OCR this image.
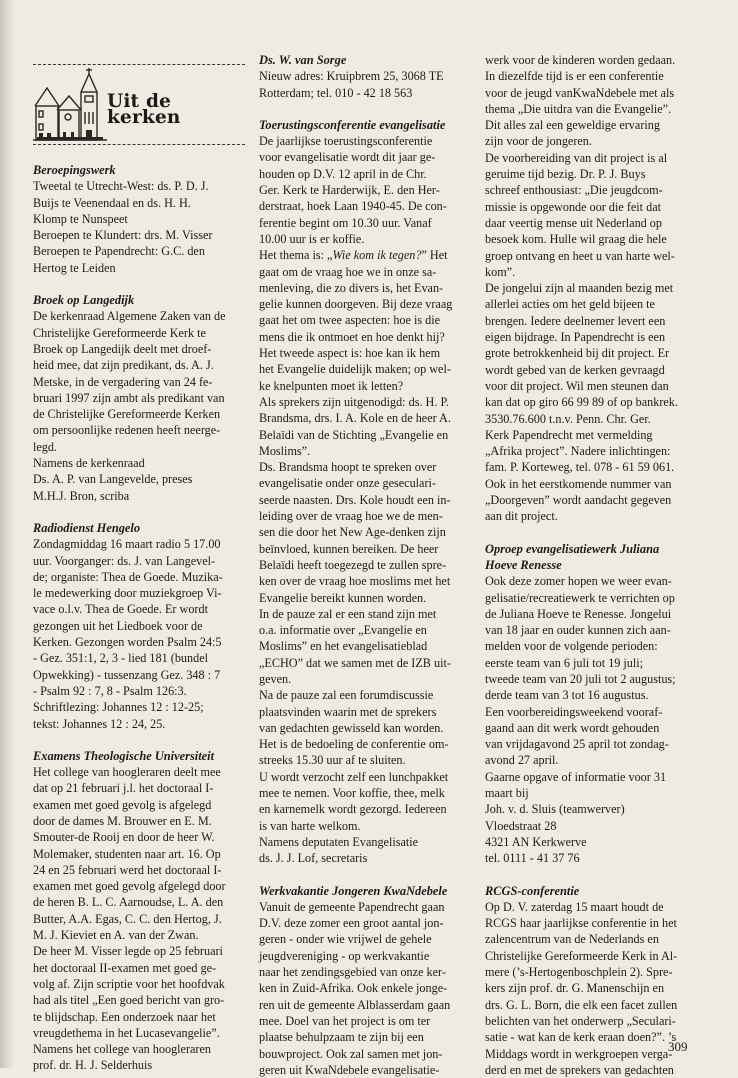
Uit de kerken
Beroepingswerk

Tweetal te Utrecht-West: ds. P. D. J.

Buijs te Veenendaal en ds. H. H.

Klomp te Nunspeet

Beroepen te Klundert: drs. M. Visser

Beroepen te Papendrecht: G.C. den

Hertog te Leiden

Broek op Langedijk

De kerkenraad Algemene Zaken van de

Christelijke Gereformeerde Kerk te

Broek op Langedijk deelt met droef-

heid mee, dat zijn predikant, ds. A. J.

Metske, in de vergadering van 24 fe-

bruari 1997 zijn ambt als predikant van

de Christelijke Gereformeerde Kerken

om persoonlijke redenen heeft neerge-

legd.

Namens de kerkenraad

Ds. A. P. van Langevelde, preses

M.H.J. Bron, scriba

Radiodienst Hengelo

Zondagmiddag 16 maart radio 5 17.00

uur. Voorganger: ds. J. van Langevel-

de; organiste: Thea de Goede. Muzika-

le medewerking door muziekgroep Vi-

vace o.l.v. Thea de Goede. Er wordt

gezongen uit het Liedboek voor de

Kerken. Gezongen worden Psalm 24:5

- Gez. 351:1, 2, 3 - lied 181 (bundel

Opwekking) - tussenzang Gez. 348 : 7

- Psalm 92 : 7, 8 - Psalm 126:3.

Schriftlezing: Johannes 12 : 12-25;

tekst: Johannes 12 : 24, 25.

Examens Theologische Universiteit

Het college van hoogleraren deelt mee

dat op 21 februari j.l. het doctoraal I-

examen met goed gevolg is afgelegd

door de dames M. Brouwer en E. M.

Smouter-de Rooij en door de heer W.

Molemaker, studenten naar art. 16. Op

24 en 25 februari werd het doctoraal I-

examen met goed gevolg afgelegd door

de heren B. L. C. Aarnoudse, L. A. den

Butter, A.A. Egas, C. C. den Hertog, J.

M. J. Kieviet en A. van der Zwan.

De heer M. Visser legde op 25 februari

het doctoraal II-examen met goed ge-

volg af. Zijn scriptie voor het hoofdvak

had als titel „Een goed bericht van gro-

te blijdschap. Een onderzoek naar het

vreugdethema in het Lucasevangelie”.

Namens het college van hoogleraren

prof. dr. H. J. Selderhuis

Ds. W. van Sorge

Nieuw adres: Kruipbrem 25, 3068 TE

Rotterdam; tel. 010 - 42 18 563

Toerustingsconferentie evangelisatie

De jaarlijkse toerustingsconferentie

voor evangelisatie wordt dit jaar ge-

houden op D.V. 12 april in de Chr.

Ger. Kerk te Harderwijk, E. den Her-

derstraat, hoek Laan 1940-45. De con-

ferentie begint om 10.30 uur. Vanaf

10.00 uur is er koffie.

Het thema is: „Wie kom ik tegen?” Het

gaat om de vraag hoe we in onze sa-

menleving, die zo divers is, het Evan-

gelie kunnen doorgeven. Bij deze vraag

gaat het om twee aspecten: hoe is die

mens die ik ontmoet en hoe denkt hij?

Het tweede aspect is: hoe kan ik hem

het Evangelie duidelijk maken; op wel-

ke knelpunten moet ik letten?

Als sprekers zijn uitgenodigd: ds. H. P.

Brandsma, drs. I. A. Kole en de heer A.

Belaïdi van de Stichting „Evangelie en

Moslims”.

Ds. Brandsma hoopt te spreken over

evangelisatie onder onze geseculari-

seerde naasten. Drs. Kole houdt een in-

leiding over de vraag hoe we de men-

sen die door het New Age-denken zijn

beïnvloed, kunnen bereiken. De heer

Belaïdi heeft toegezegd te zullen spre-

ken over de vraag hoe moslims met het

Evangelie bereikt kunnen worden.

In de pauze zal er een stand zijn met

o.a. informatie over „Evangelie en

Moslims” en het evangelisatieblad

„ECHO” dat we samen met de IZB uit-

geven.

Na de pauze zal een forumdiscussie

plaatsvinden waarin met de sprekers

van gedachten gewisseld kan worden.

Het is de bedoeling de conferentie om-

streeks 15.30 uur af te sluiten.

U wordt verzocht zelf een lunchpakket

mee te nemen. Voor koffie, thee, melk

en karnemelk wordt gezorgd. Iedereen

is van harte welkom.

Namens deputaten Evangelisatie

ds. J. J. Lof, secretaris

Werkvakantie Jongeren KwaNdebele

Vanuit de gemeente Papendrecht gaan

D.V. deze zomer een groot aantal jon-

geren - onder wie vrijwel de gehele

jeugdvereniging - op werkvakantie

naar het zendingsgebied van onze ker-

ken in Zuid-Afrika. Ook enkele jonge-

ren uit de gemeente Alblasserdam gaan

mee. Doel van het project is om ter

plaatse behulpzaam te zijn bij een

bouwproject. Ook zal samen met jon-

geren uit KwaNdebele evangelisatie-

werk voor de kinderen worden gedaan.

In diezelfde tijd is er een conferentie

voor de jeugd vanKwaNdebele met als

thema „Die uitdra van die Evangelie”.

Dit alles zal een geweldige ervaring

zijn voor de jongeren.

De voorbereiding van dit project is al

geruime tijd bezig. Dr. P. J. Buys

schreef enthousiast: „Die jeugdcom-

missie is opgewonde oor die feit dat

daar veertig mense uit Nederland op

besoek kom. Hulle wil graag die hele

groep ontvang en heet u van harte wel-

kom”.

De jongelui zijn al maanden bezig met

allerlei acties om het geld bijeen te

brengen. Iedere deelnemer levert een

eigen bijdrage. In Papendrecht is een

grote betrokkenheid bij dit project. Er

wordt gebed van de kerken gevraagd

voor dit project. Wil men steunen dan

kan dat op giro 66 99 89 of op bankrek.

3530.76.600 t.n.v. Penn. Chr. Ger.

Kerk Papendrecht met vermelding

„Afrika project”. Nadere inlichtingen:

fam. P. Korteweg, tel. 078 - 61 59 061.

Ook in het eerstkomende nummer van

„Doorgeven” wordt aandacht gegeven

aan dit project.

Oproep evangelisatiewerk Juliana
Hoeve Renesse

Ook deze zomer hopen we weer evan-

gelisatie/recreatiewerk te verrichten op

de Juliana Hoeve te Renesse. Jongelui

van 18 jaar en ouder kunnen zich aan-

melden voor de volgende perioden:

eerste team van 6 juli tot 19 juli;

tweede team van 20 juli tot 2 augustus;

derde team van 3 tot 16 augustus.

Een voorbereidingsweekend vooraf-

gaand aan dit werk wordt gehouden

van vrijdagavond 25 april tot zondag-

avond 27 april.

Gaarne opgave of informatie voor 31

maart bij

Joh. v. d. Sluis (teamwerver)

Vloedstraat 28

4321 AN Kerkwerve

tel. 0111 - 41 37 76

RCGS-conferentie

Op D. V. zaterdag 15 maart houdt de

RCGS haar jaarlijkse conferentie in het

zalencentrum van de Nederlands en

Christelijke Gereformeerde Kerk in Al-

mere (’s-Hertogenboschplein 2). Spre-

kers zijn prof. dr. G. Manenschijn en

drs. G. L. Born, die elk een facet zullen

belichten van het onderwerp „Seculari-

satie - wat kan de kerk eraan doen?”. ’s

Middags wordt in werkgroepen verga-

derd en met de sprekers van gedachten

309
